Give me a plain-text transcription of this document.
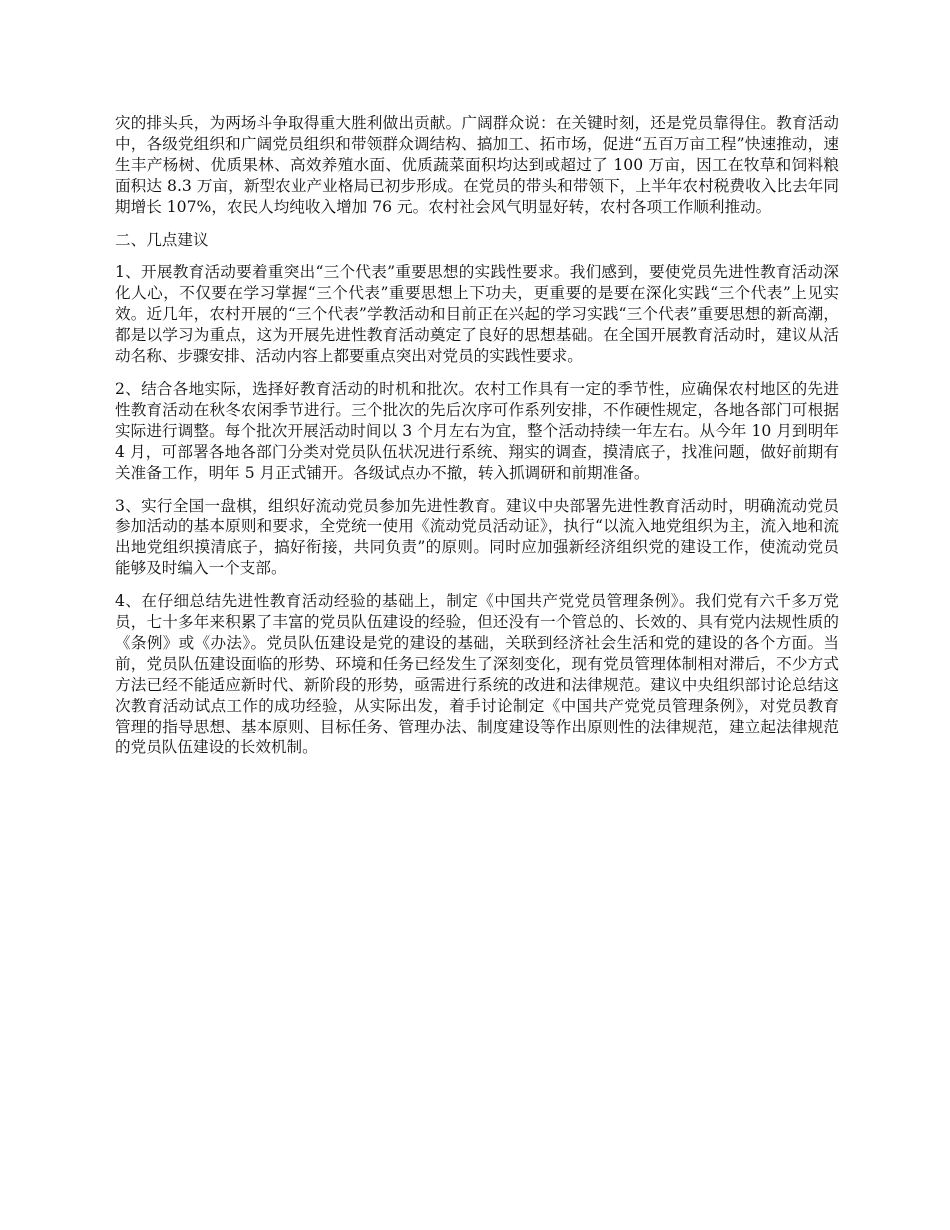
灾的排头兵，为两场斗争取得重大胜利做出贡献。广阔群众说：在关键时刻，还是党员靠得住。教育活动中，各级党组织和广阔党员组织和带领群众调结构、搞加工、拓市场，促进“五百万亩工程”快速推动，速生丰产杨树、优质果林、高效养殖水面、优质蔬菜面积均达到或超过了 100 万亩，因工在牧草和饲料粮面积达 8.3 万亩，新型农业产业格局已初步形成。在党员的带头和带领下，上半年农村税费收入比去年同期增长 107%，农民人均纯收入增加 76 元。农村社会风气明显好转，农村各项工作顺利推动。

二、几点建议

1、开展教育活动要着重突出“三个代表”重要思想的实践性要求。我们感到，要使党员先进性教育活动深化人心，不仅要在学习掌握“三个代表”重要思想上下功夫，更重要的是要在深化实践“三个代表”上见实效。近几年，农村开展的“三个代表”学教活动和目前正在兴起的学习实践“三个代表”重要思想的新高潮，都是以学习为重点，这为开展先进性教育活动奠定了良好的思想基础。在全国开展教育活动时，建议从活动名称、步骤安排、活动内容上都要重点突出对党员的实践性要求。

2、结合各地实际，选择好教育活动的时机和批次。农村工作具有一定的季节性，应确保农村地区的先进性教育活动在秋冬农闲季节进行。三个批次的先后次序可作系列安排，不作硬性规定，各地各部门可根据实际进行调整。每个批次开展活动时间以 3 个月左右为宜，整个活动持续一年左右。从今年 10 月到明年 4 月，可部署各地各部门分类对党员队伍状况进行系统、翔实的调查，摸清底子，找准问题，做好前期有关准备工作，明年 5 月正式铺开。各级试点办不撤，转入抓调研和前期准备。

3、实行全国一盘棋，组织好流动党员参加先进性教育。建议中央部署先进性教育活动时，明确流动党员参加活动的基本原则和要求，全党统一使用《流动党员活动证》，执行“以流入地党组织为主，流入地和流出地党组织摸清底子，搞好衔接，共同负责”的原则。同时应加强新经济组织党的建设工作，使流动党员能够及时编入一个支部。

4、在仔细总结先进性教育活动经验的基础上，制定《中国共产党党员管理条例》。我们党有六千多万党员，七十多年来积累了丰富的党员队伍建设的经验，但还没有一个管总的、长效的、具有党内法规性质的《条例》或《办法》。党员队伍建设是党的建设的基础，关联到经济社会生活和党的建设的各个方面。当前，党员队伍建设面临的形势、环境和任务已经发生了深刻变化，现有党员管理体制相对滞后，不少方式方法已经不能适应新时代、新阶段的形势，亟需进行系统的改进和法律规范。建议中央组织部讨论总结这次教育活动试点工作的成功经验，从实际出发，着手讨论制定《中国共产党党员管理条例》，对党员教育管理的指导思想、基本原则、目标任务、管理办法、制度建设等作出原则性的法律规范，建立起法律规范的党员队伍建设的长效机制。
